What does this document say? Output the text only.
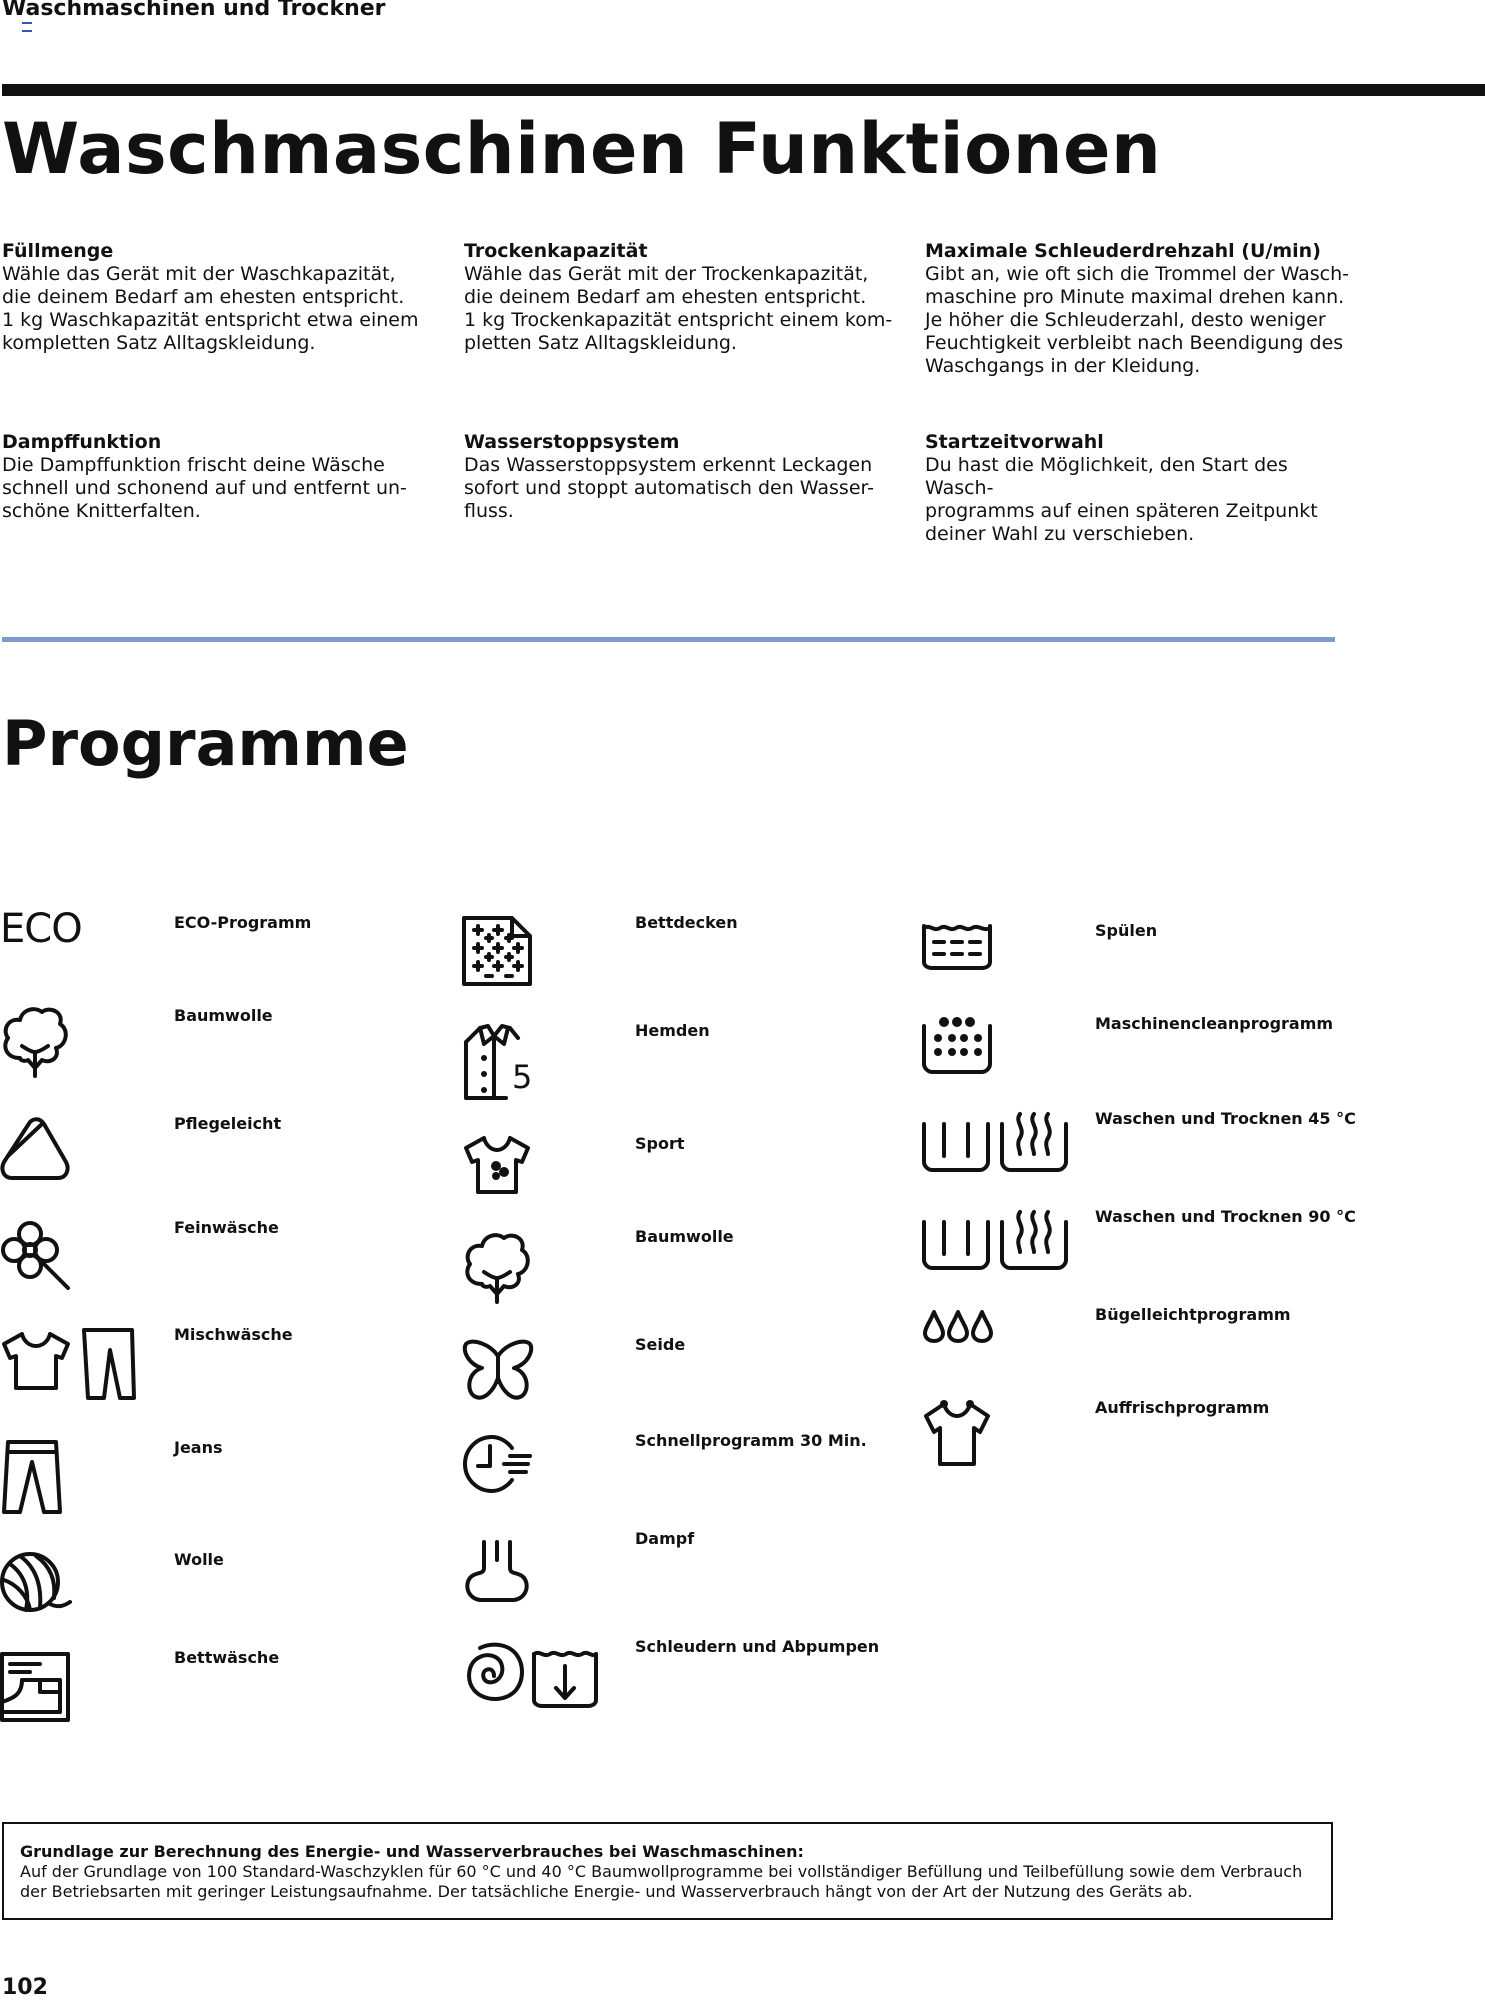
Waschmaschinen und Trockner
Waschmaschinen Funktionen
Füllmenge
Wähle das Gerät mit der Waschkapazität,
die deinem Bedarf am ehesten entspricht.
1 kg Waschkapazität entspricht etwa einem
kompletten Satz Alltagskleidung.
Trockenkapazität
Wähle das Gerät mit der Trockenkapazität,
die deinem Bedarf am ehesten entspricht.
1 kg Trockenkapazität entspricht einem kom-
pletten Satz Alltagskleidung.
Maximale Schleuderdrehzahl (U/min)
Gibt an, wie oft sich die Trommel der Wasch-
maschine pro Minute maximal drehen kann.
Je höher die Schleuderzahl, desto weniger
Feuchtigkeit verbleibt nach Beendigung des
Waschgangs in der Kleidung.
Dampffunktion
Die Dampffunktion frischt deine Wäsche
schnell und schonend auf und entfernt un-
schöne Knitterfalten.
Wasserstoppsystem
Das Wasserstoppsystem erkennt Leckagen
sofort und stoppt automatisch den Wasser-
fluss.
Startzeitvorwahl
Du hast die Möglichkeit, den Start des Wasch-
programms auf einen späteren Zeitpunkt
deiner Wahl zu verschieben.
Programme
ECO	ECO-Programm
Baumwolle
Pflegeleicht
Feinwäsche
Mischwäsche
Jeans
Wolle
Bettwäsche
Bettdecken
5
Hemden
Sport
Baumwolle
Seide
Schnellprogramm 30 Min.
Dampf
Schleudern und Abpumpen
Spülen
Maschinencleanprogramm
Waschen und Trocknen 45 °C
Waschen und Trocknen 90 °C
Bügelleichtprogramm
Auffrischprogramm
Grundlage zur Berechnung des Energie- und Wasserverbrauches bei Waschmaschinen:
Auf der Grundlage von 100 Standard-Waschzyklen für 60 °C und 40 °C Baumwollprogramme bei vollständiger Befüllung und Teilbefüllung sowie dem Verbrauch der Betriebsarten mit geringer Leistungsaufnahme. Der tatsächliche Energie- und Wasserverbrauch hängt von der Art der Nutzung des Geräts ab.
102
